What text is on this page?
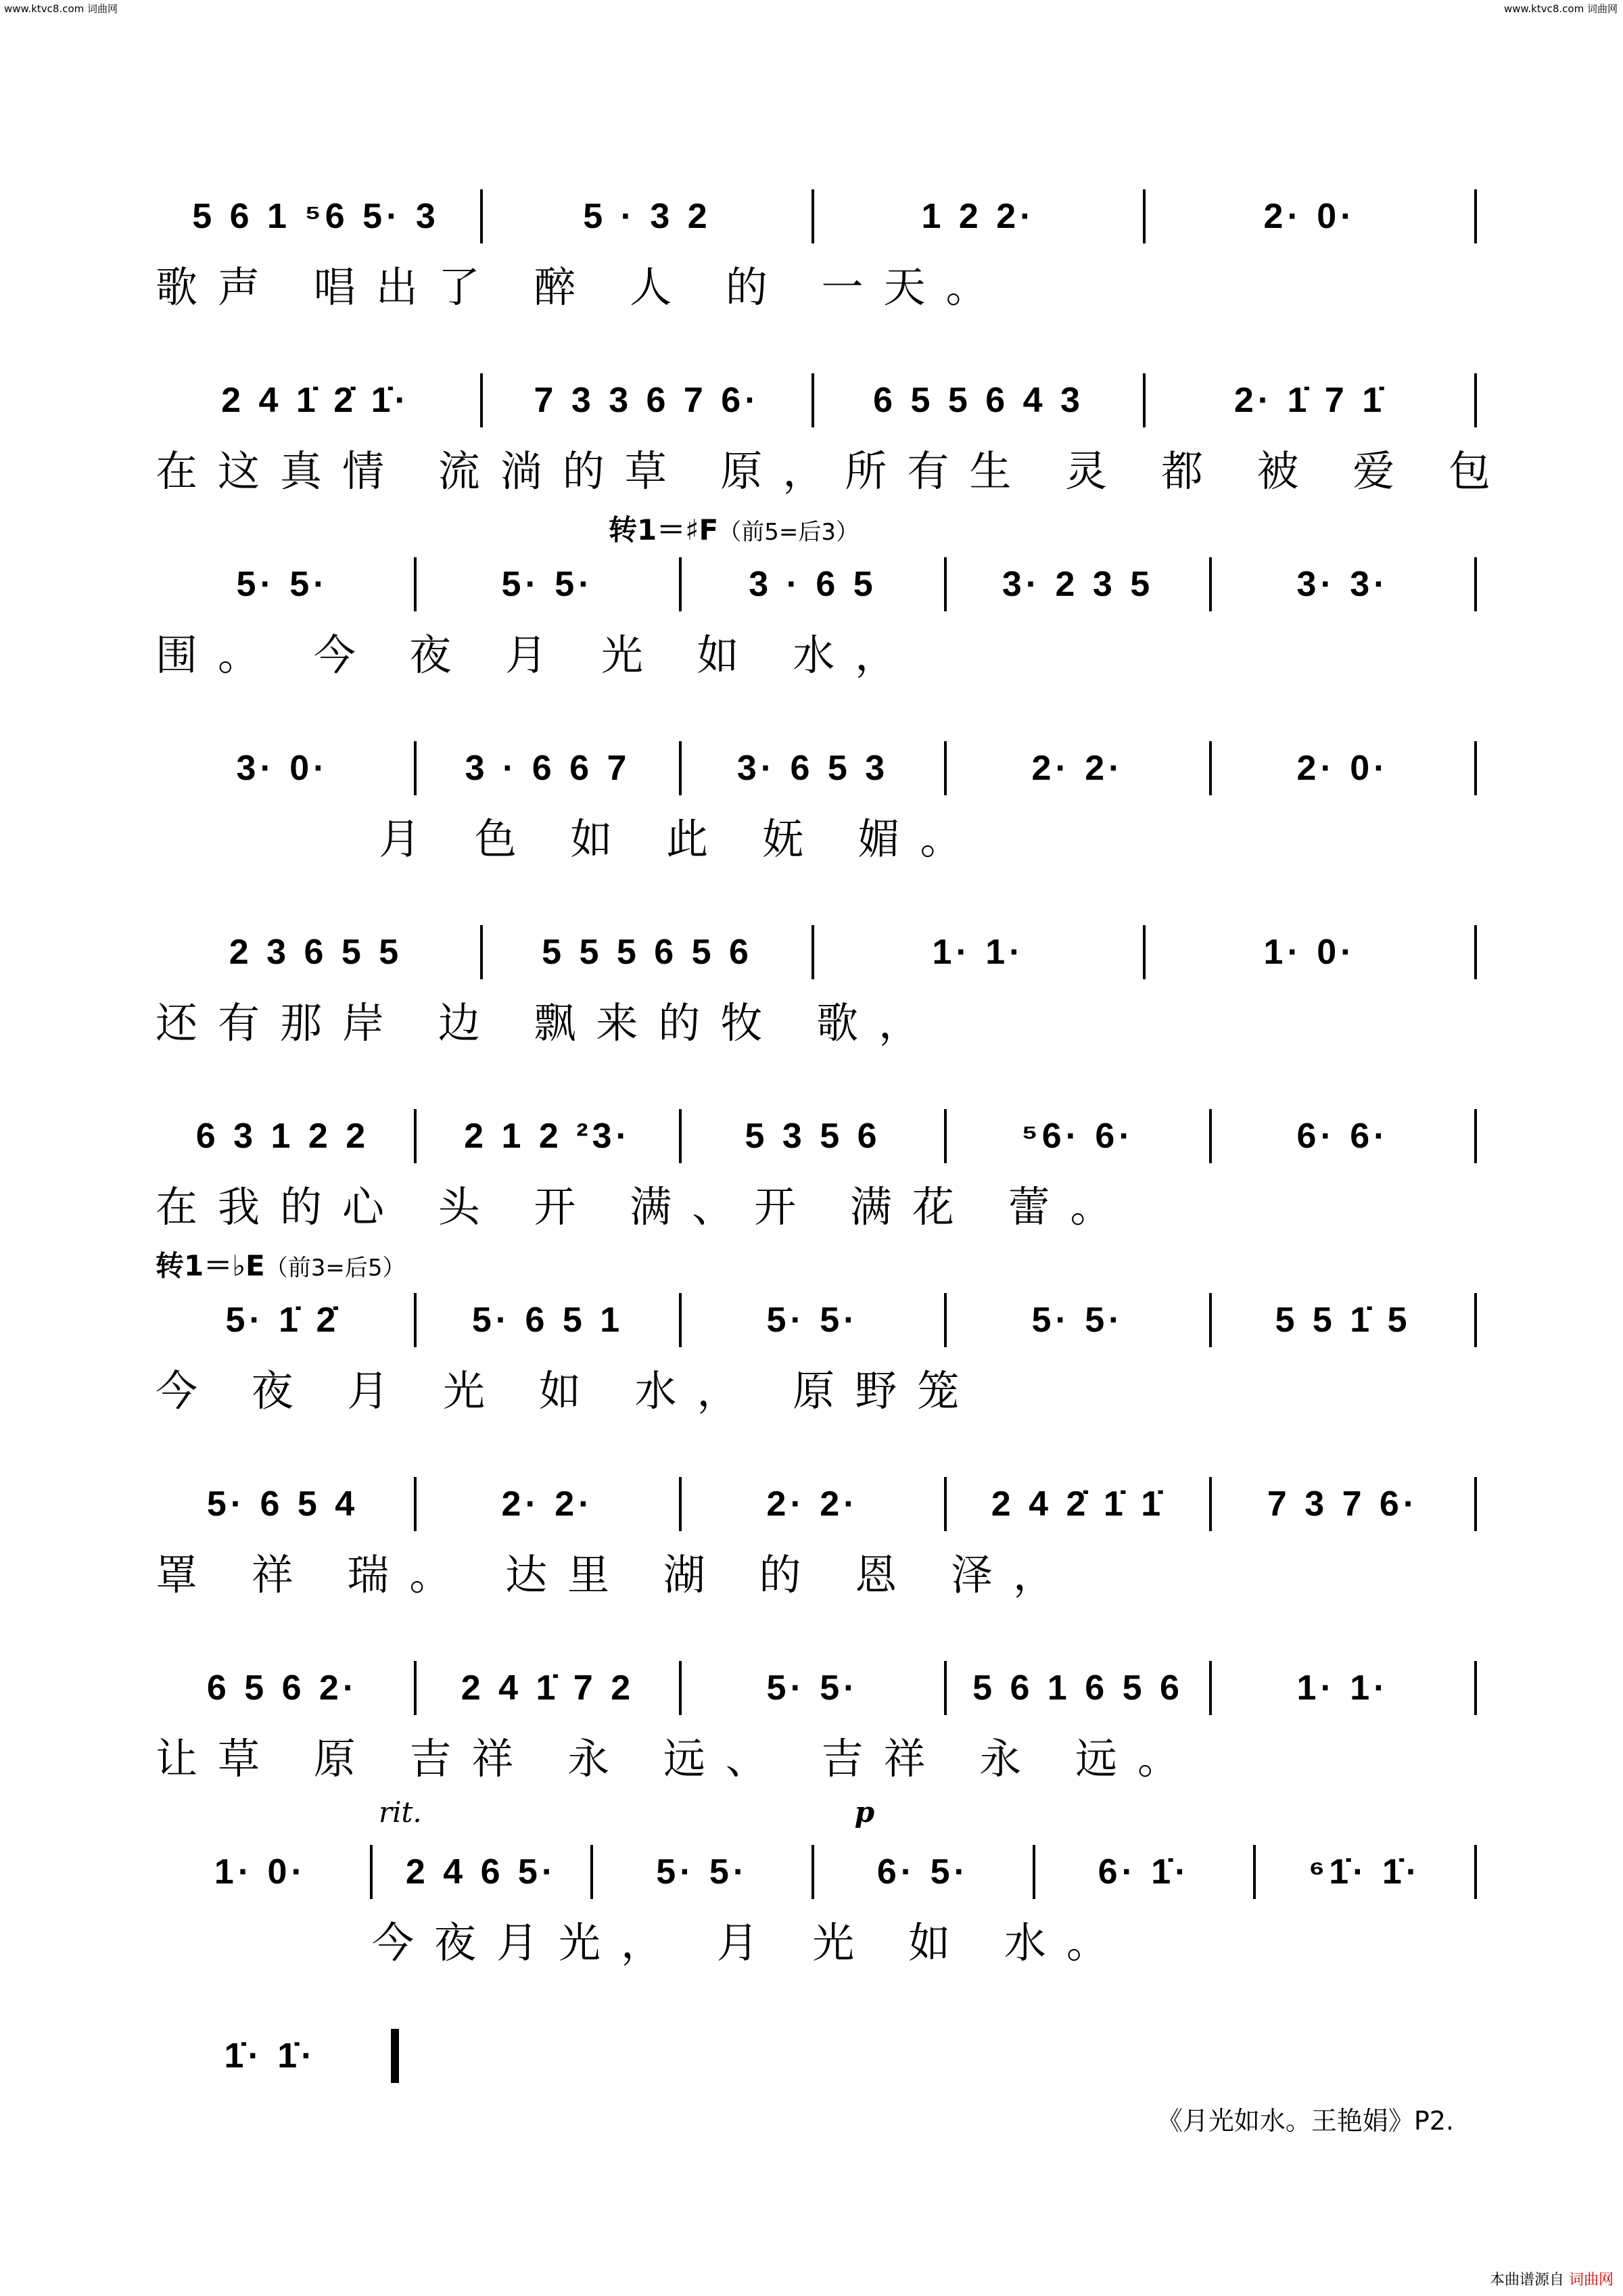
www.ktvc8.com 词曲网	www.ktvc8.com 词曲网
5 6 1 ⁵6 5· 3	5 · 3 2	1 2 2·	2· 0·
歌声 唱出了 醉 人 的 一天。
2 4 1̇ 2̇ 1̇·	7 3 3 6 7 6·	6 5 5 6 4 3	2· 1̇ 7 1̇
在这真情 流淌的草 原，所有生 灵 都 被 爱 包
转1＝♯F（前5=后3）
5· 5·	5· 5·	3 · 6 5	3· 2 3 5	3· 3·
围。 今 夜 月 光 如 水，
3· 0·	3 · 6 6 7	3· 6 5 3	2· 2·	2· 0·
月 色 如 此 妩 媚。
2 3 6 5 5	5 5 5 6 5 6	1· 1·	1· 0·
还有那岸 边 飘来的牧 歌，
6 3 1 2 2	2 1 2 ²3·	5 3 5 6	⁵6· 6·	6· 6·
在我的心 头 开 满、开 满花 蕾。
转1＝♭E（前3=后5）
5· 1̇ 2̇	5· 6 5 1	5· 5·	5· 5·	5 5 1̇ 5
今 夜 月 光 如 水， 原野笼
5· 6 5 4	2· 2·	2· 2·	2 4 2̇ 1̇ 1̇	7 3 7 6·
罩 祥 瑞。 达里 湖 的 恩 泽，
6 5 6 2·	2 4 1̇ 7 2	5· 5·	5 6 1 6 5 6	1· 1·
让草 原 吉祥 永 远、 吉祥 永 远。
rit.	p
1· 0·	2 4 6 5·	5· 5·	6· 5·	6· 1̇·	⁶1̇· 1̇·
今夜月光， 月 光 如 水。
1̇· 1̇·
《月光如水。王艳娟》P2.
本曲谱源自 词曲网
